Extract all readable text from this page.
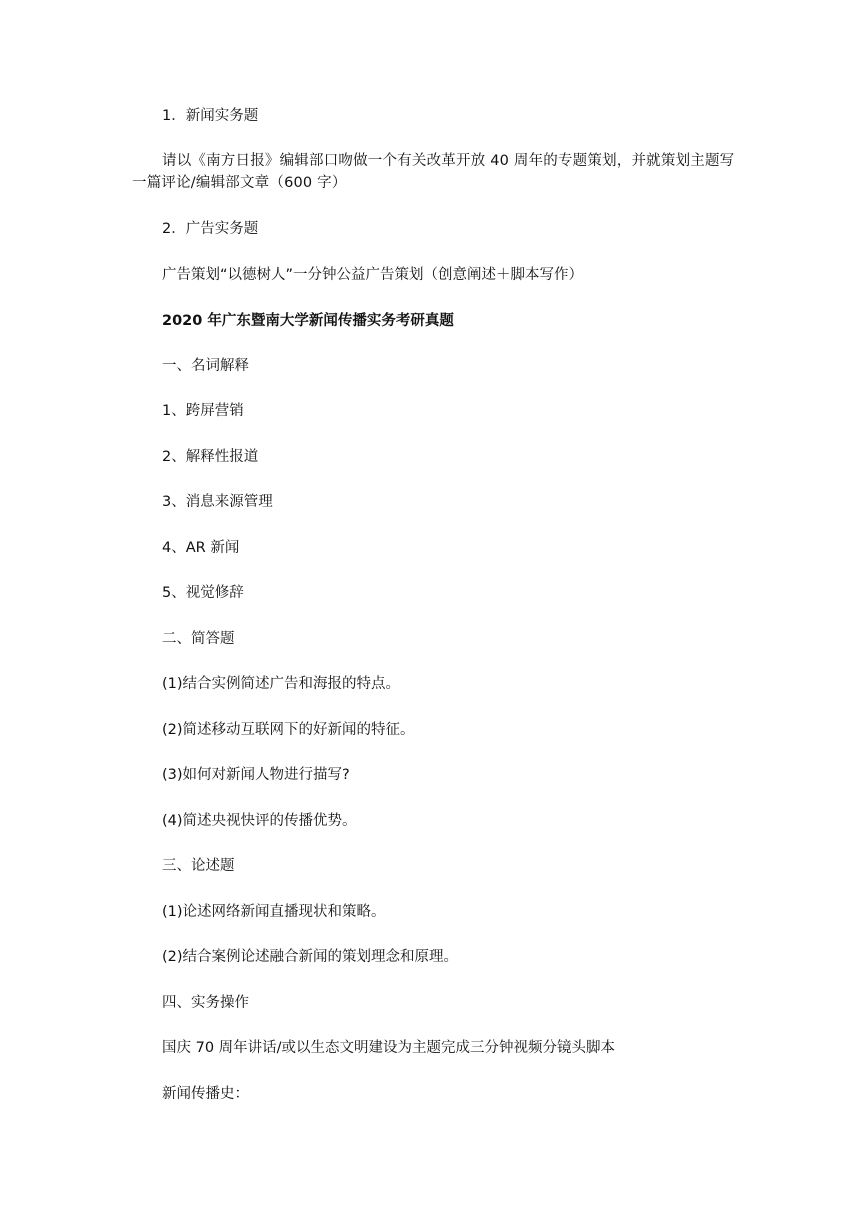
1．新闻实务题

请以《南方日报》编辑部口吻做一个有关改革开放 40 周年的专题策划，并就策划主题写一篇评论/编辑部文章（600 字）

2．广告实务题

广告策划“以德树人”一分钟公益广告策划（创意阐述＋脚本写作）

2020 年广东暨南大学新闻传播实务考研真题

一、名词解释

1、跨屏营销

2、解释性报道

3、消息来源管理

4、AR 新闻

5、视觉修辞

二、简答题

(1)结合实例简述广告和海报的特点。

(2)简述移动互联网下的好新闻的特征。

(3)如何对新闻人物进行描写?

(4)简述央视快评的传播优势。

三、论述题

(1)论述网络新闻直播现状和策略。

(2)结合案例论述融合新闻的策划理念和原理。

四、实务操作

国庆 70 周年讲话/或以生态文明建设为主题完成三分钟视频分镜头脚本

新闻传播史：
